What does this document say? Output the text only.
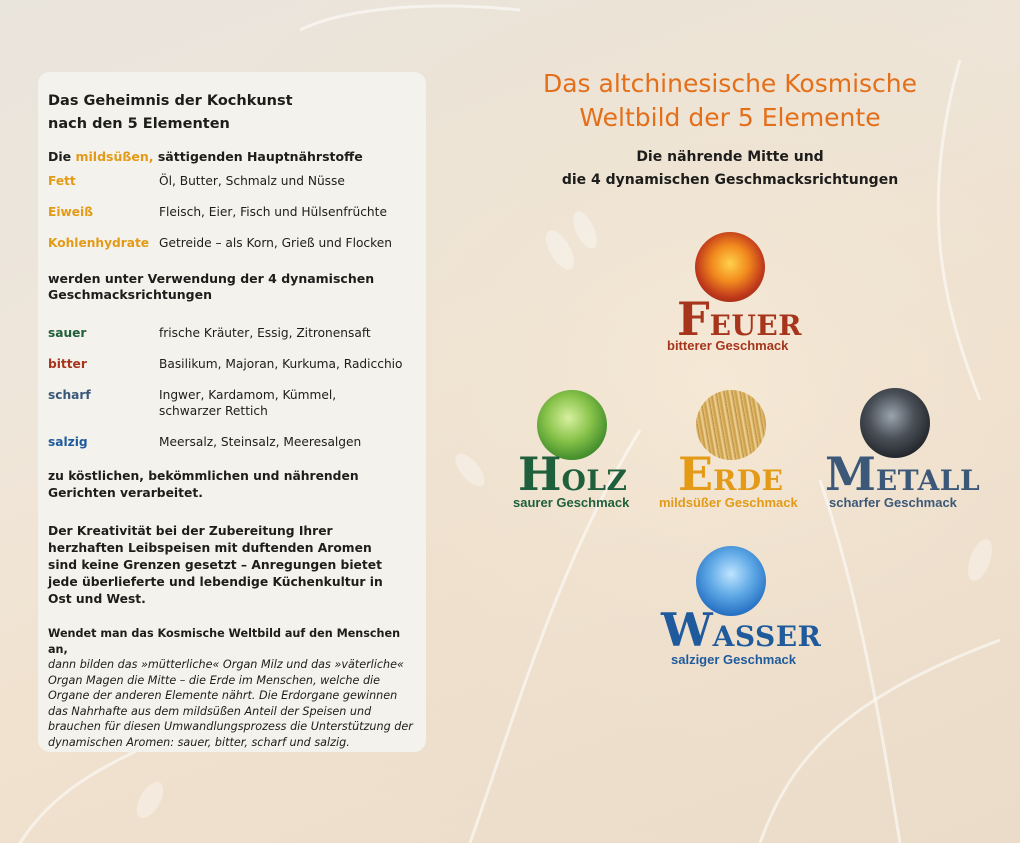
Das Geheimnis der Kochkunst
nach den 5 Elementen

Die mildsüßen, sättigenden Hauptnährstoffe

Fett	Öl, Butter, Schmalz und Nüsse
Eiweiß	Fleisch, Eier, Fisch und Hülsenfrüchte
Kohlenhydrate Getreide – als Korn, Grieß und Flocken

werden unter Verwendung der 4 dynamischen Geschmacksrichtungen

sauer	frische Kräuter, Essig, Zitronensaft
bitter	Basilikum, Majoran, Kurkuma, Radicchio
scharf	Ingwer, Kardamom, Kümmel,
schwarzer Rettich
salzig	Meersalz, Steinsalz, Meeresalgen

zu köstlichen, bekömmlichen und nährenden Gerichten verarbeitet.

Der Kreativität bei der Zubereitung Ihrer herzhaften Leibspeisen mit duftenden Aromen sind keine Grenzen gesetzt – Anregungen bietet jede überlieferte und lebendige Küchenkultur in Ost und West.

Wendet man das Kosmische Weltbild auf den Menschen an,
dann bilden das »mütterliche« Organ Milz und das »väterliche« Organ Magen die Mitte – die Erde im Menschen, welche die Organe der anderen Elemente nährt. Die Erdorgane gewinnen das Nahrhafte aus dem mildsüßen Anteil der Speisen und brauchen für diesen Umwandlungsprozess die Unterstützung der dynamischen Aromen: sauer, bitter, scharf und salzig.

Das altchinesische Kosmische
Weltbild der 5 Elemente
Die nährende Mitte und
die 4 dynamischen Geschmacksrichtungen
FEUER
bitterer Geschmack
HOLZ
saurer Geschmack
ERDE
mildsüßer Geschmack
METALL
scharfer Geschmack
WASSER
salziger Geschmack
